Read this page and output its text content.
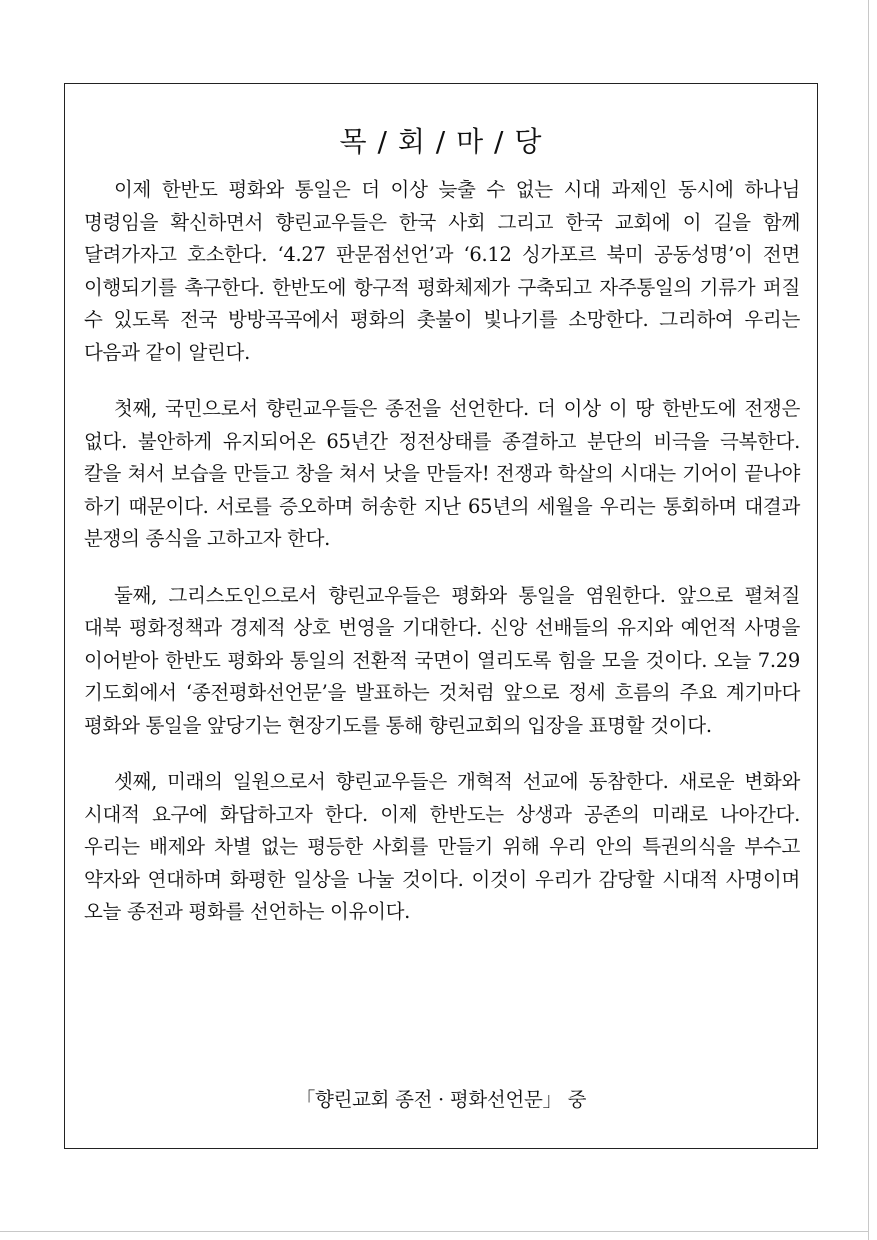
목 / 회 / 마 / 당

이제 한반도 평화와 통일은 더 이상 늦출 수 없는 시대 과제인 동시에 하나님 명령임을 확신하면서 향린교우들은 한국 사회 그리고 한국 교회에 이 길을 함께 달려가자고 호소한다. ‘4.27 판문점선언’과 ‘6.12 싱가포르 북미 공동성명’이 전면 이행되기를 촉구한다. 한반도에 항구적 평화체제가 구축되고 자주통일의 기류가 퍼질 수 있도록 전국 방방곡곡에서 평화의 촛불이 빛나기를 소망한다. 그리하여 우리는 다음과 같이 알린다.

첫째, 국민으로서 향린교우들은 종전을 선언한다. 더 이상 이 땅 한반도에 전쟁은 없다. 불안하게 유지되어온 65년간 정전상태를 종결하고 분단의 비극을 극복한다. 칼을 쳐서 보습을 만들고 창을 쳐서 낫을 만들자! 전쟁과 학살의 시대는 기어이 끝나야 하기 때문이다. 서로를 증오하며 허송한 지난 65년의 세월을 우리는 통회하며 대결과 분쟁의 종식을 고하고자 한다.

둘째, 그리스도인으로서 향린교우들은 평화와 통일을 염원한다. 앞으로 펼쳐질 대북 평화정책과 경제적 상호 번영을 기대한다. 신앙 선배들의 유지와 예언적 사명을 이어받아 한반도 평화와 통일의 전환적 국면이 열리도록 힘을 모을 것이다. 오늘 7.29 기도회에서 ‘종전평화선언문’을 발표하는 것처럼 앞으로 정세 흐름의 주요 계기마다 평화와 통일을 앞당기는 현장기도를 통해 향린교회의 입장을 표명할 것이다.

셋째, 미래의 일원으로서 향린교우들은 개혁적 선교에 동참한다. 새로운 변화와 시대적 요구에 화답하고자 한다. 이제 한반도는 상생과 공존의 미래로 나아간다. 우리는 배제와 차별 없는 평등한 사회를 만들기 위해 우리 안의 특권의식을 부수고 약자와 연대하며 화평한 일상을 나눌 것이다. 이것이 우리가 감당할 시대적 사명이며 오늘 종전과 평화를 선언하는 이유이다.

「향린교회 종전 · 평화선언문」 중
